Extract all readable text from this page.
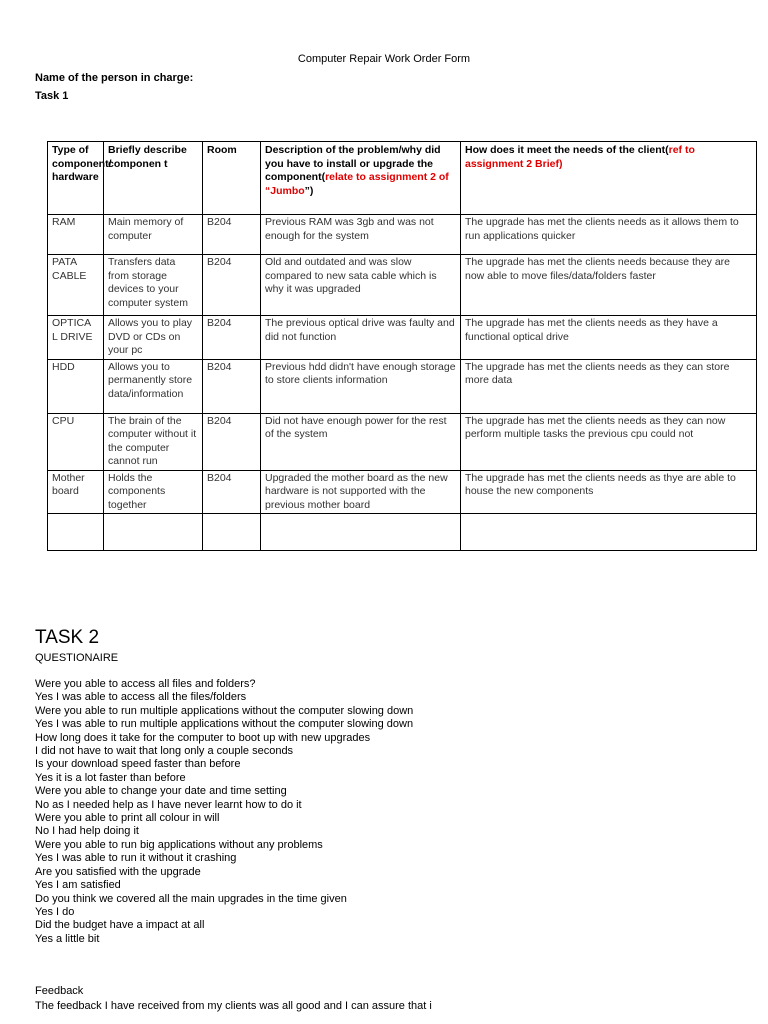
Computer Repair Work Order Form
Name of the person in charge:
Task 1
Type of component/ hardware	Briefly describe componen t	Room	Description of the problem/why did you have to install or upgrade the component(relate to assignment 2 of “Jumbo”)	How does it meet the needs of the client(ref to assignment 2 Brief)
RAM	Main memory of computer	B204	Previous RAM was 3gb and was not enough for the system	The upgrade has met the clients needs as it allows them to run applications quicker
PATA CABLE	Transfers data from storage devices to your computer system	B204	Old and outdated and was slow compared to new sata cable which is why it was upgraded	The upgrade has met the clients needs because they are now able to move files/data/folders faster
OPTICA L DRIVE	Allows you to play DVD or CDs on your pc	B204	The previous optical drive was faulty and did not function	The upgrade has met the clients needs as they have a functional optical drive
HDD	Allows you to permanently store data/information	B204	Previous hdd didn't have enough storage to store clients information	The upgrade has met the clients needs as they can store more data
CPU	The brain of the computer without it the computer cannot run	B204	Did not have enough power for the rest of the system	The upgrade has met the clients needs as they can now perform multiple tasks the previous cpu could not
Mother board	Holds the components together	B204	Upgraded the mother board as the new hardware is not supported with the previous mother board	The upgrade has met the clients needs as thye are able to house the new components

TASK 2
QUESTIONAIRE
Were you able to access all files and folders?
Yes I was able to access all the files/folders
Were you able to run multiple applications without the computer slowing down
Yes I was able to run multiple applications without the computer slowing down
How long does it take for the computer to boot up with new upgrades
I did not have to wait that long only a couple seconds
Is your download speed faster than before
Yes it is a lot faster than before
Were you able to change your date and time setting
No as I needed help as I have never learnt how to do it
Were you able to print all colour in will
No I had help doing it
Were you able to run big applications without any problems
Yes I was able to run it without it crashing
Are you satisfied with the upgrade
Yes I am satisfied
Do you think we covered all the main upgrades in the time given
Yes I do
Did the budget have a impact at all
Yes a little bit
Feedback
The feedback I have received from my clients was all good and I can assure that i
